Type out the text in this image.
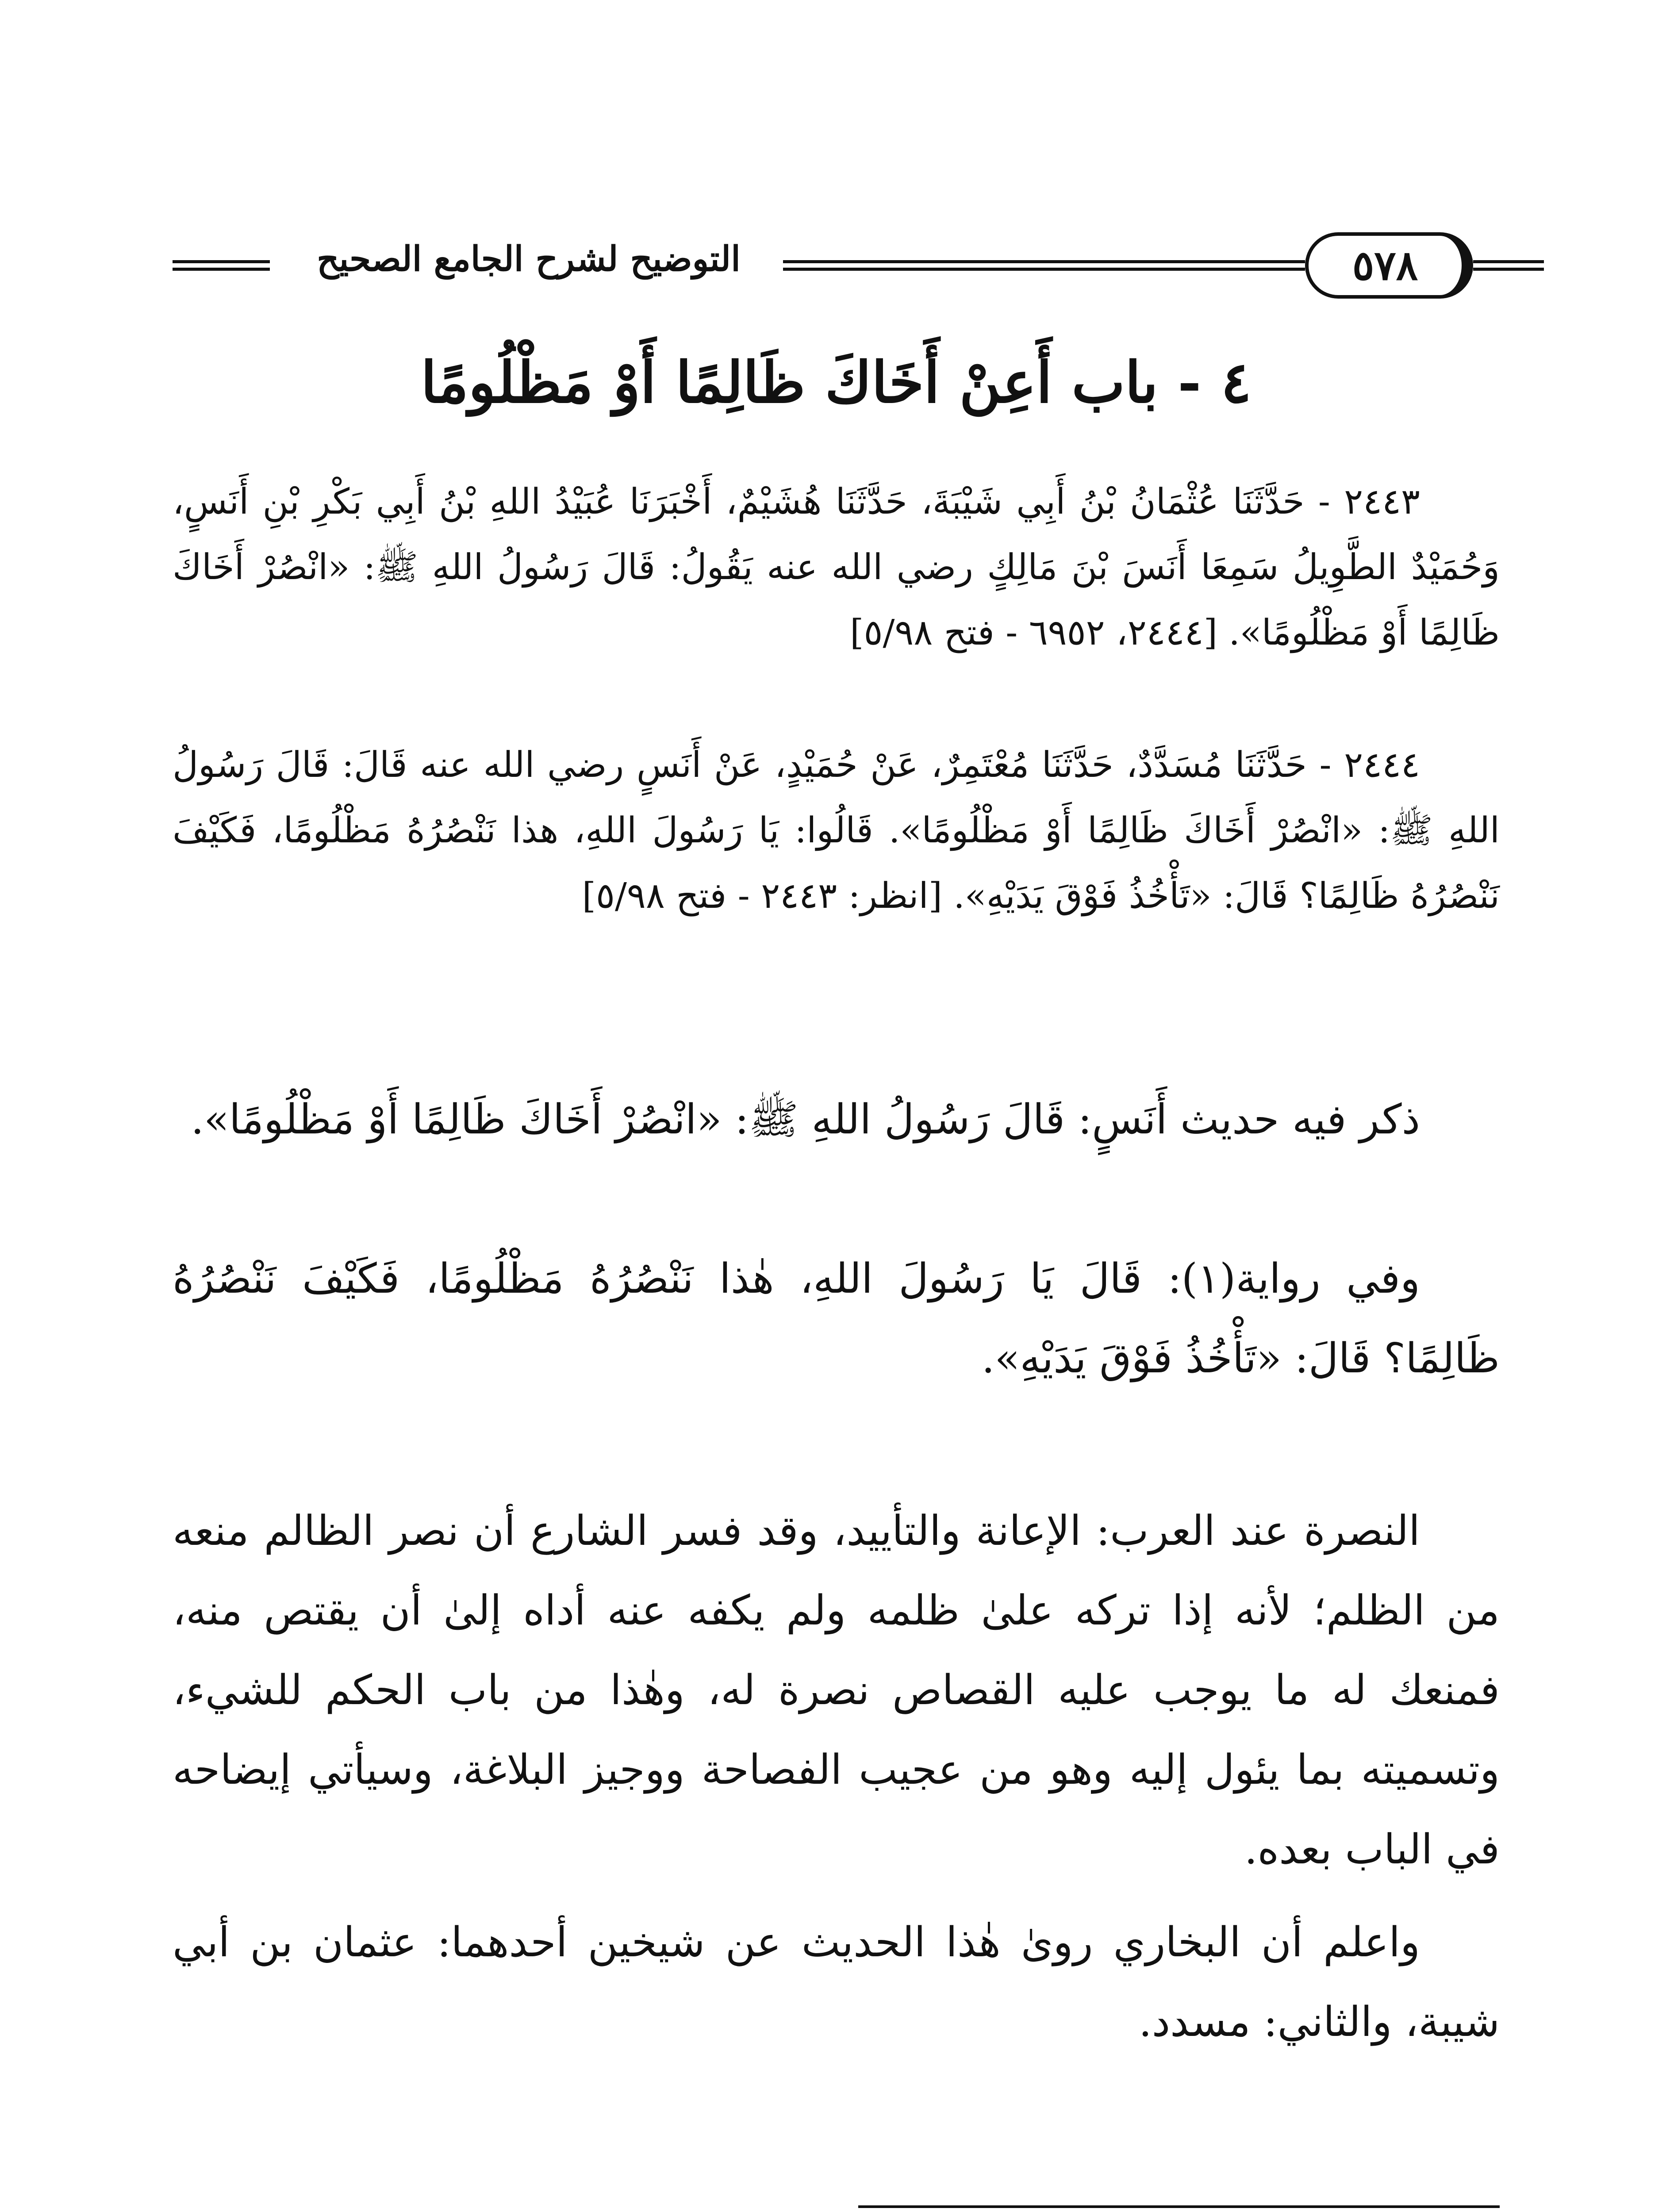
التوضيح لشرح الجامع الصحيح	٥٧٨
٤ - باب أَعِنْ أَخَاكَ ظَالِمًا أَوْ مَظْلُومًا

٢٤٤٣ - حَدَّثَنَا عُثْمَانُ بْنُ أَبِي شَيْبَةَ، حَدَّثَنَا هُشَيْمٌ، أَخْبَرَنَا عُبَيْدُ اللهِ بْنُ أَبِي بَكْرِ بْنِ أَنَسٍ، وَحُمَيْدٌ الطَّوِيلُ سَمِعَا أَنَسَ بْنَ مَالِكٍ رضي الله عنه يَقُولُ: قَالَ رَسُولُ اللهِ ﷺ: «انْصُرْ أَخَاكَ ظَالِمًا أَوْ مَظْلُومًا». [٢٤٤٤، ٦٩٥٢ - فتح ٥/٩٨]

٢٤٤٤ - حَدَّثَنَا مُسَدَّدٌ، حَدَّثَنَا مُعْتَمِرٌ، عَنْ حُمَيْدٍ، عَنْ أَنَسٍ رضي الله عنه قَالَ: قَالَ رَسُولُ اللهِ ﷺ: «انْصُرْ أَخَاكَ ظَالِمًا أَوْ مَظْلُومًا». قَالُوا: يَا رَسُولَ اللهِ، هذا نَنْصُرُهُ مَظْلُومًا، فَكَيْفَ نَنْصُرُهُ ظَالِمًا؟ قَالَ: «تَأْخُذُ فَوْقَ يَدَيْهِ». [انظر: ٢٤٤٣ - فتح ٥/٩٨]

ذكر فيه حديث أَنَسٍ: قَالَ رَسُولُ اللهِ ﷺ: «انْصُرْ أَخَاكَ ظَالِمًا أَوْ مَظْلُومًا».

وفي رواية(١): قَالَ يَا رَسُولَ اللهِ، هٰذا نَنْصُرُهُ مَظْلُومًا، فَكَيْفَ نَنْصُرُهُ ظَالِمًا؟ قَالَ: «تَأْخُذُ فَوْقَ يَدَيْهِ».

النصرة عند العرب: الإعانة والتأييد، وقد فسر الشارع أن نصر الظالم منعه من الظلم؛ لأنه إذا تركه علىٰ ظلمه ولم يكفه عنه أداه إلىٰ أن يقتص منه، فمنعك له ما يوجب عليه القصاص نصرة له، وهٰذا من باب الحكم للشيء، وتسميته بما يئول إليه وهو من عجيب الفصاحة ووجيز البلاغة، وسيأتي إيضاحه في الباب بعده.

واعلم أن البخاري روىٰ هٰذا الحديث عن شيخين أحدهما: عثمان بن أبي شيبة، والثاني: مسدد.
